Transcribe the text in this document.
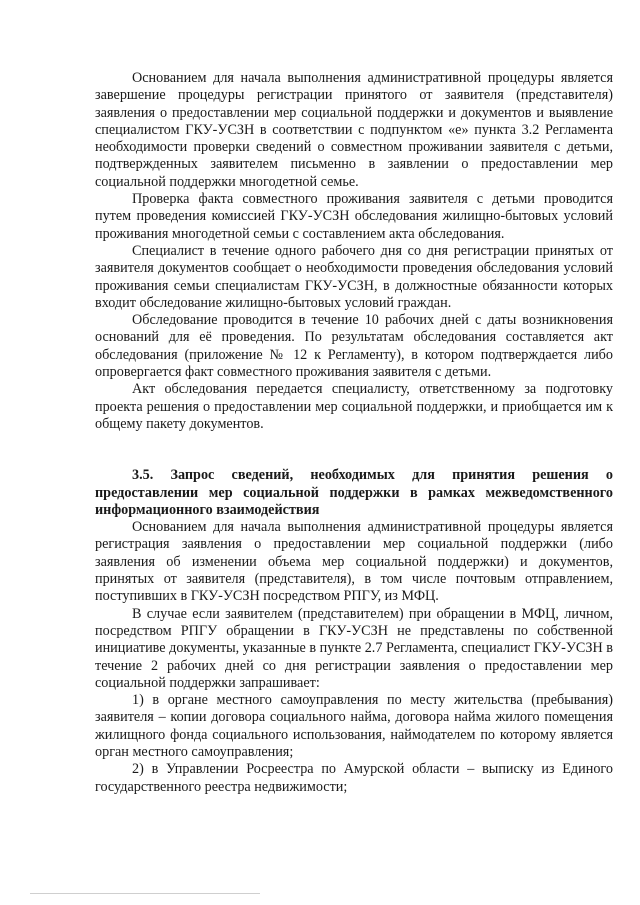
Основанием для начала выполнения административной процедуры является завершение процедуры регистрации принятого от заявителя (представителя) заявления о предоставлении мер социальной поддержки и документов и выявление специалистом ГКУ-УСЗН в соответствии с подпунктом «е» пункта 3.2 Регламента необходимости проверки сведений о совместном проживании заявителя с детьми, подтвержденных заявителем письменно в заявлении о предоставлении мер социальной поддержки многодетной семье.

Проверка факта совместного проживания заявителя с детьми проводится путем проведения комиссией ГКУ-УСЗН обследования жилищно-бытовых условий проживания многодетной семьи с составлением акта обследования.

Специалист в течение одного рабочего дня со дня регистрации принятых от заявителя документов сообщает о необходимости проведения обследования условий проживания семьи специалистам ГКУ-УСЗН, в должностные обязанности которых входит обследование жилищно-бытовых условий граждан.

Обследование проводится в течение 10 рабочих дней с даты возникновения оснований для её проведения. По результатам обследования составляется акт обследования (приложение № 12 к Регламенту), в котором подтверждается либо опровергается факт совместного проживания заявителя с детьми.

Акт обследования передается специалисту, ответственному за подготовку проекта решения о предоставлении мер социальной поддержки, и приобщается им к общему пакету документов.

3.5. Запрос сведений, необходимых для принятия решения о предоставлении мер социальной поддержки в рамках межведомственного информационного взаимодействия

Основанием для начала выполнения административной процедуры является регистрация заявления о предоставлении мер социальной поддержки (либо заявления об изменении объема мер социальной поддержки) и документов, принятых от заявителя (представителя), в том числе почтовым отправлением, поступивших в ГКУ-УСЗН посредством РПГУ, из МФЦ.

В случае если заявителем (представителем) при обращении в МФЦ, личном, посредством РПГУ обращении в ГКУ-УСЗН не представлены по собственной инициативе документы, указанные в пункте 2.7 Регламента, специалист ГКУ-УСЗН в течение 2 рабочих дней со дня регистрации заявления о предоставлении мер социальной поддержки запрашивает:

1) в органе местного самоуправления по месту жительства (пребывания) заявителя – копии договора социального найма, договора найма жилого помещения жилищного фонда социального использования, наймодателем по которому является орган местного самоуправления;

2) в Управлении Росреестра по Амурской области – выписку из Единого государственного реестра недвижимости;
